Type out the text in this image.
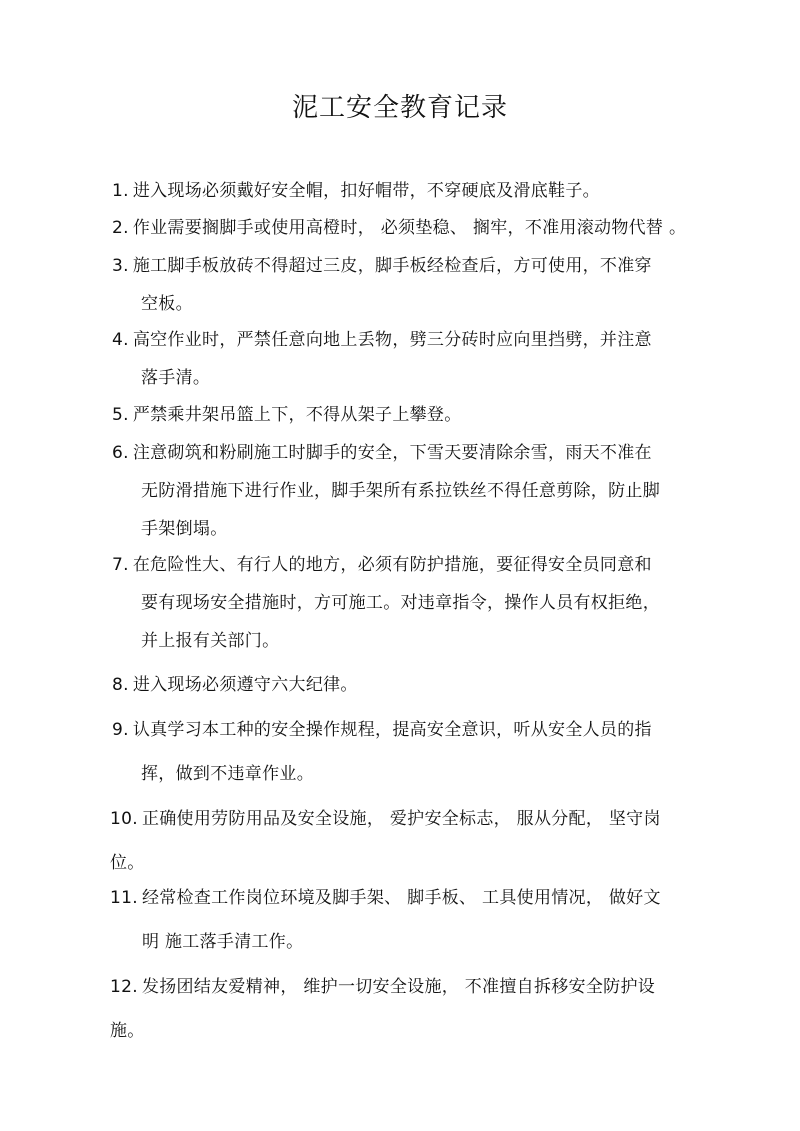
泥工安全教育记录
1. 进入现场必须戴好安全帽，扣好帽带，不穿硬底及滑底鞋子。
2. 作业需要搁脚手或使用高橙时， 必须垫稳、 搁牢，不准用滚动物代替 。
3. 施工脚手板放砖不得超过三皮，脚手板经检查后，方可使用，不准穿
空板。
4. 高空作业时，严禁任意向地上丢物，劈三分砖时应向里挡劈，并注意
落手清。
5. 严禁乘井架吊篮上下，不得从架子上攀登。
6. 注意砌筑和粉刷施工时脚手的安全，下雪天要清除余雪，雨天不准在
无防滑措施下进行作业，脚手架所有系拉铁丝不得任意剪除，防止脚
手架倒塌。
7. 在危险性大、有行人的地方，必须有防护措施，要征得安全员同意和
要有现场安全措施时，方可施工。对违章指令，操作人员有权拒绝，
并上报有关部门。
8. 进入现场必须遵守六大纪律。
9. 认真学习本工种的安全操作规程，提高安全意识，听从安全人员的指
挥，做到不违章作业。
10. 正确使用劳防用品及安全设施， 爱护安全标志， 服从分配， 坚守岗
位。
11. 经常检查工作岗位环境及脚手架、 脚手板、 工具使用情况， 做好文
明 施工落手清工作。
12. 发扬团结友爱精神， 维护一切安全设施， 不准擅自拆移安全防护设
施。
